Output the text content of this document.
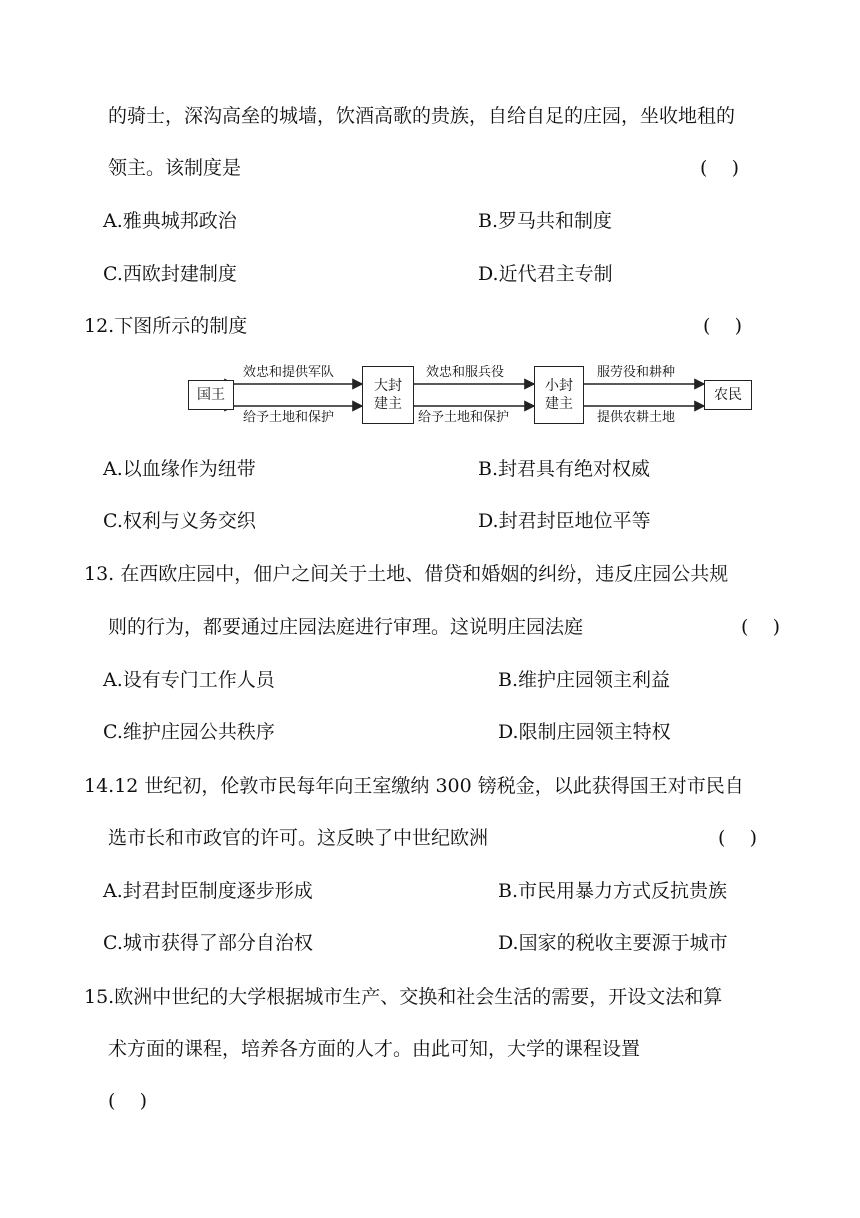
的骑士，深沟高垒的城墙，饮酒高歌的贵族，自给自足的庄园，坐收地租的
领主。该制度是	(    )
A.雅典城邦政治	B.罗马共和制度
C.西欧封建制度	D.近代君主专制
12.下图所示的制度	(    )
国王
大封
建主
小封
建主
农民
效忠和提供军队
给予土地和保护
效忠和服兵役
给予土地和保护
服劳役和耕种
提供农耕土地
A.以血缘作为纽带	B.封君具有绝对权威
C.权利与义务交织	D.封君封臣地位平等
13. 在西欧庄园中，佃户之间关于土地、借贷和婚姻的纠纷，违反庄园公共规
则的行为，都要通过庄园法庭进行审理。这说明庄园法庭	(    )
A.设有专门工作人员	B.维护庄园领主利益
C.维护庄园公共秩序	D.限制庄园领主特权
14.12 世纪初，伦敦市民每年向王室缴纳 300 镑税金，以此获得国王对市民自
选市长和市政官的许可。这反映了中世纪欧洲	(    )
A.封君封臣制度逐步形成	B.市民用暴力方式反抗贵族
C.城市获得了部分自治权	D.国家的税收主要源于城市
15.欧洲中世纪的大学根据城市生产、交换和社会生活的需要，开设文法和算
术方面的课程，培养各方面的人才。由此可知，大学的课程设置
(    )
